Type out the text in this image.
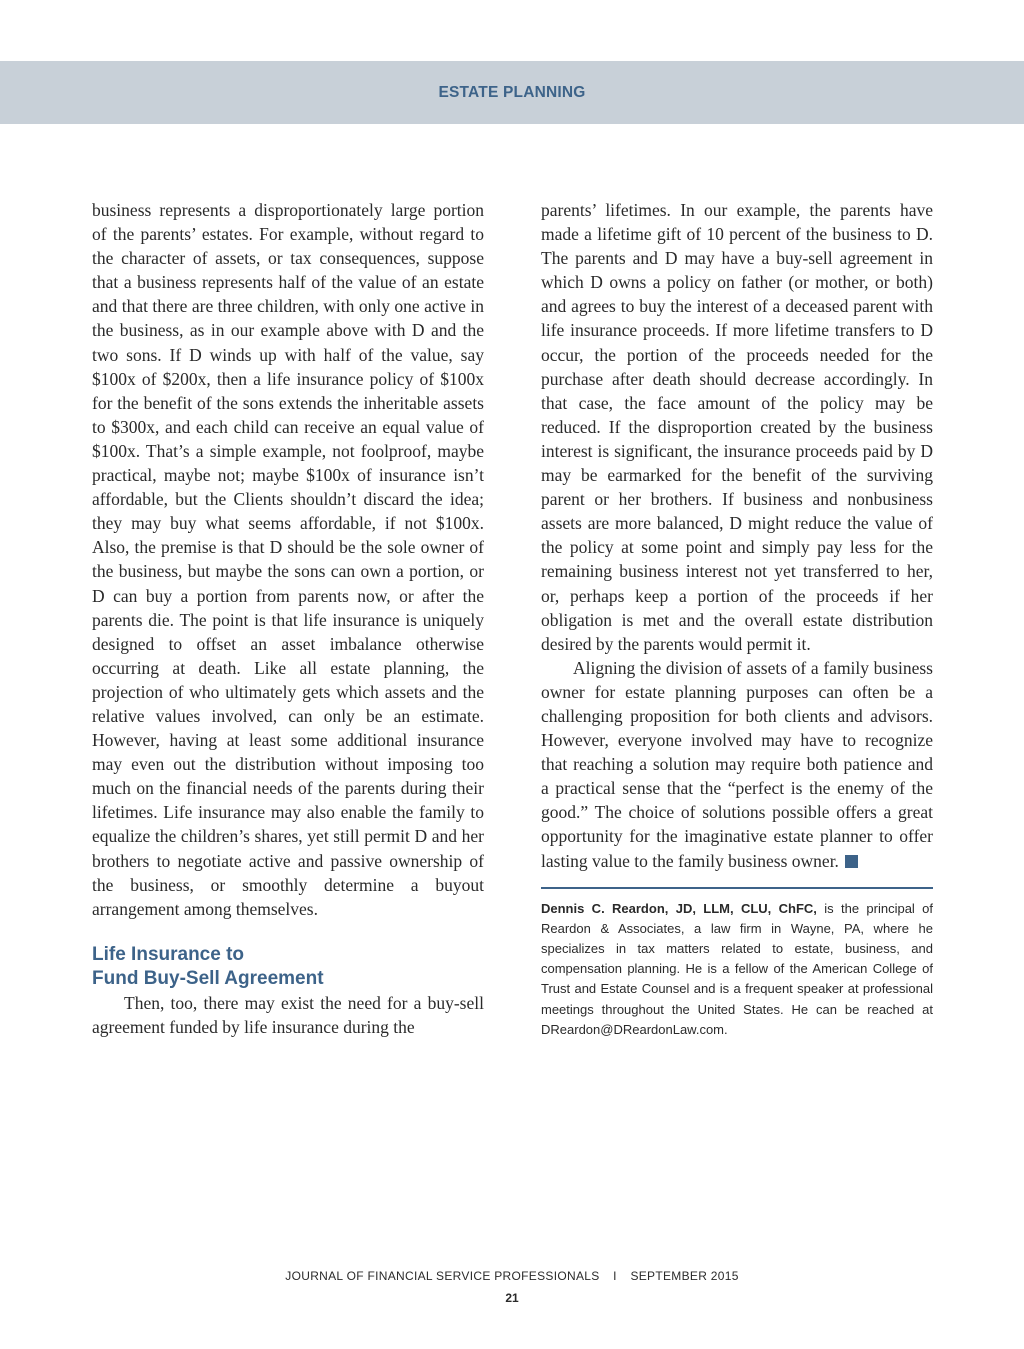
ESTATE PLANNING

business represents a disproportionately large portion of the parents’ estates. For example, without regard to the character of assets, or tax consequences, suppose that a business represents half of the value of an estate and that there are three children, with only one active in the business, as in our example above with D and the two sons. If D winds up with half of the value, say $100x of $200x, then a life insurance policy of $100x for the benefit of the sons extends the inheritable assets to $300x, and each child can receive an equal value of $100x. That’s a simple example, not foolproof, maybe practical, maybe not; maybe $100x of insurance isn’t affordable, but the Clients shouldn’t discard the idea; they may buy what seems affordable, if not $100x. Also, the premise is that D should be the sole owner of the business, but maybe the sons can own a portion, or D can buy a portion from parents now, or after the parents die. The point is that life insurance is uniquely designed to offset an asset imbalance otherwise occurring at death. Like all estate planning, the projection of who ultimately gets which assets and the relative values involved, can only be an estimate. However, having at least some additional insurance may even out the distribution without imposing too much on the financial needs of the parents during their lifetimes. Life insurance may also enable the family to equalize the children’s shares, yet still permit D and her brothers to negotiate active and passive ownership of the business, or smoothly determine a buyout arrangement among themselves.

Life Insurance to
Fund Buy-Sell Agreement

Then, too, there may exist the need for a buy-sell agreement funded by life insurance during the

parents’ lifetimes. In our example, the parents have made a lifetime gift of 10 percent of the business to D. The parents and D may have a buy-sell agreement in which D owns a policy on father (or mother, or both) and agrees to buy the interest of a deceased parent with life insurance proceeds. If more lifetime transfers to D occur, the portion of the proceeds needed for the purchase after death should decrease accordingly. In that case, the face amount of the policy may be reduced. If the disproportion created by the business interest is significant, the insurance proceeds paid by D may be earmarked for the benefit of the surviving parent or her brothers. If business and nonbusiness assets are more balanced, D might reduce the value of the policy at some point and simply pay less for the remaining business interest not yet transferred to her, or, perhaps keep a portion of the proceeds if her obligation is met and the overall estate distribution desired by the parents would permit it.

Aligning the division of assets of a family business owner for estate planning purposes can often be a challenging proposition for both clients and advisors. However, everyone involved may have to recognize that reaching a solution may require both patience and a practical sense that the “perfect is the enemy of the good.” The choice of solutions possible offers a great opportunity for the imaginative estate planner to offer lasting value to the family business owner.

Dennis C. Reardon, JD, LLM, CLU, ChFC, is the principal of Reardon & Associates, a law firm in Wayne, PA, where he specializes in tax matters related to estate, business, and compensation planning. He is a fellow of the American College of Trust and Estate Counsel and is a frequent speaker at professional meetings throughout the United States. He can be reached at DReardon@DReardonLaw.com.

JOURNAL OF FINANCIAL SERVICE PROFESSIONALS I SEPTEMBER 2015
21
